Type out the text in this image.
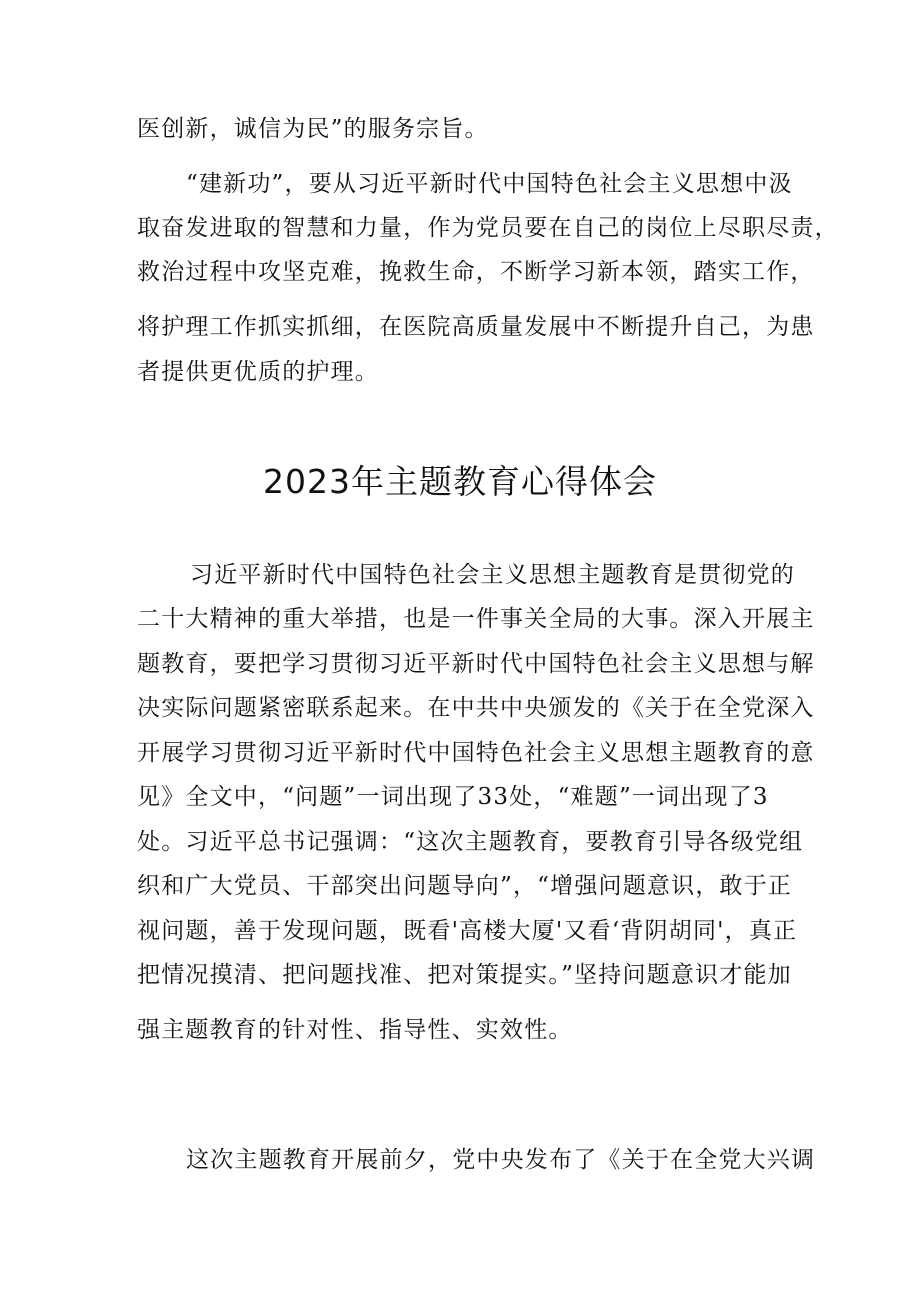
医创新，诚信为民”的服务宗旨。
“建新功”，要从习近平新时代中国特色社会主义思想中汲
取奋发进取的智慧和力量，作为党员要在自己的岗位上尽职尽责，
救治过程中攻坚克难，挽救生命，不断学习新本领，踏实工作，
将护理工作抓实抓细，在医院高质量发展中不断提升自己，为患
者提供更优质的护理。
2023年主题教育心得体会
习近平新时代中国特色社会主义思想主题教育是贯彻党的
二十大精神的重大举措，也是一件事关全局的大事。深入开展主
题教育，要把学习贯彻习近平新时代中国特色社会主义思想与解
决实际问题紧密联系起来。在中共中央颁发的《关于在全党深入
开展学习贯彻习近平新时代中国特色社会主义思想主题教育的意
见》全文中，“问题”一词出现了33处，“难题”一词出现了3
处。习近平总书记强调：“这次主题教育，要教育引导各级党组
织和广大党员、干部突出问题导向”，“增强问题意识，敢于正
视问题，善于发现问题，既看'高楼大厦'又看‘背阴胡同'，真正
把情况摸清、把问题找准、把对策提实。”坚持问题意识才能加
强主题教育的针对性、指导性、实效性。
这次主题教育开展前夕，党中央发布了《关于在全党大兴调
